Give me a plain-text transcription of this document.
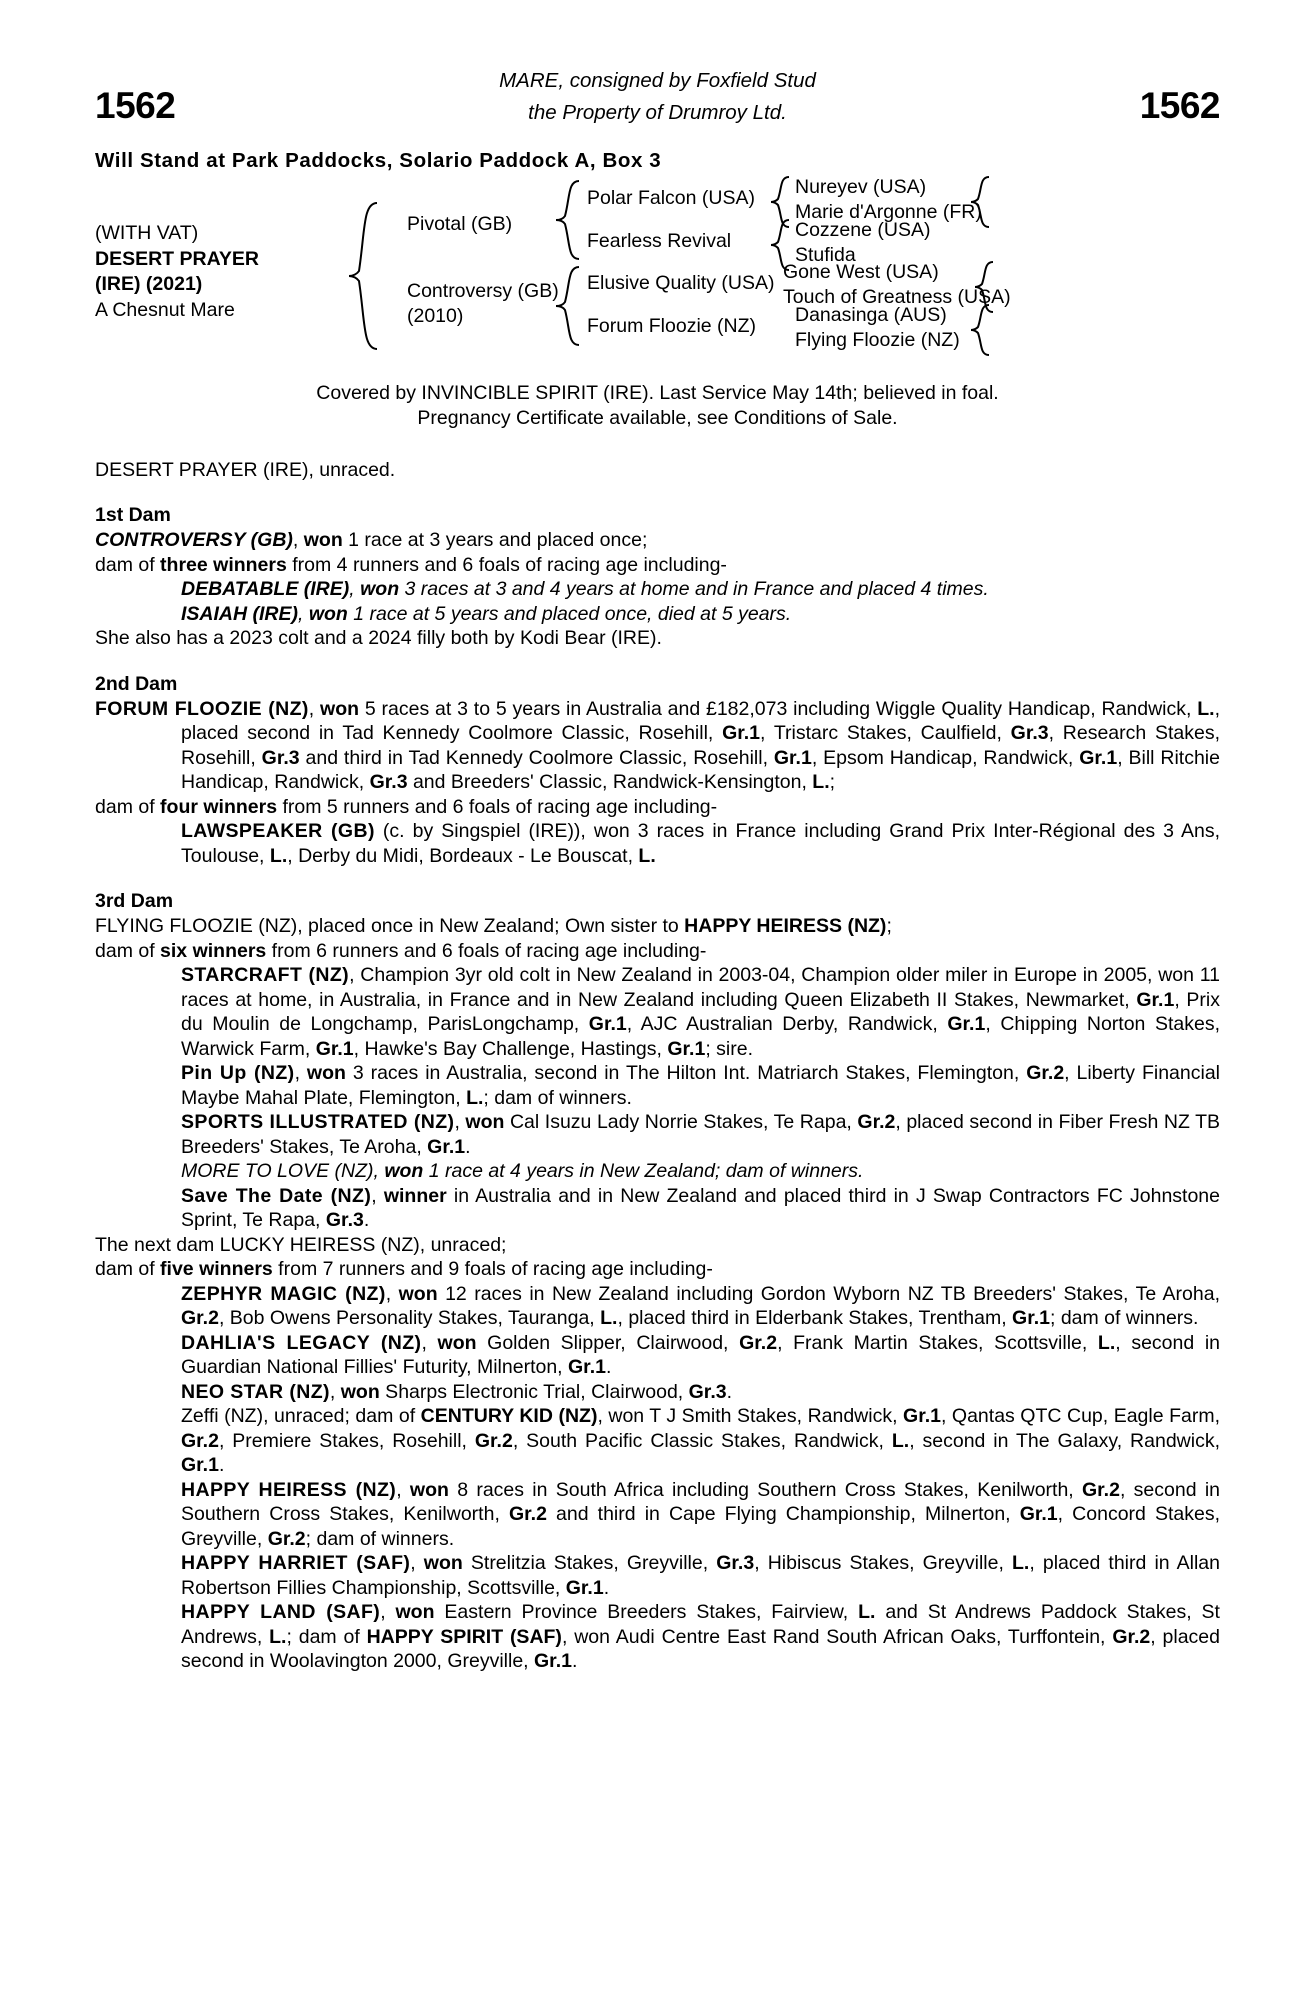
1562	1562
MARE, consigned by Foxfield Stud
the Property of Drumroy Ltd.
Will Stand at Park Paddocks, Solario Paddock A, Box 3
(WITH VAT)
DESERT PRAYER
(IRE) (2021)
A Chesnut Mare
Pivotal (GB)
Controversy (GB)
(2010)
Polar Falcon (USA)
Fearless Revival
Elusive Quality (USA)
Forum Floozie (NZ)
Nureyev (USA)
Marie d'Argonne (FR)
Cozzene (USA)
Stufida
Gone West (USA)
Touch of Greatness (USA)
Danasinga (AUS)
Flying Floozie (NZ)
Covered by INVINCIBLE SPIRIT (IRE). Last Service May 14th; believed in foal.
Pregnancy Certificate available, see Conditions of Sale.
DESERT PRAYER (IRE), unraced.
1st Dam

CONTROVERSY (GB), won 1 race at 3 years and placed once;

dam of three winners from 4 runners and 6 foals of racing age including-

DEBATABLE (IRE), won 3 races at 3 and 4 years at home and in France and placed 4 times.

ISAIAH (IRE), won 1 race at 5 years and placed once, died at 5 years.

She also has a 2023 colt and a 2024 filly both by Kodi Bear (IRE).

2nd Dam

FORUM FLOOZIE (NZ), won 5 races at 3 to 5 years in Australia and £182,073 including Wiggle Quality Handicap, Randwick, L., placed second in Tad Kennedy Coolmore Classic, Rosehill, Gr.1, Tristarc Stakes, Caulfield, Gr.3, Research Stakes, Rosehill, Gr.3 and third in Tad Kennedy Coolmore Classic, Rosehill, Gr.1, Epsom Handicap, Randwick, Gr.1, Bill Ritchie Handicap, Randwick, Gr.3 and Breeders' Classic, Randwick-Kensington, L.;

dam of four winners from 5 runners and 6 foals of racing age including-

LAWSPEAKER (GB) (c. by Singspiel (IRE)), won 3 races in France including Grand Prix Inter-Régional des 3 Ans, Toulouse, L., Derby du Midi, Bordeaux - Le Bouscat, L.

3rd Dam

FLYING FLOOZIE (NZ), placed once in New Zealand; Own sister to HAPPY HEIRESS (NZ);

dam of six winners from 6 runners and 6 foals of racing age including-

STARCRAFT (NZ), Champion 3yr old colt in New Zealand in 2003-04, Champion older miler in Europe in 2005, won 11 races at home, in Australia, in France and in New Zealand including Queen Elizabeth II Stakes, Newmarket, Gr.1, Prix du Moulin de Longchamp, ParisLongchamp, Gr.1, AJC Australian Derby, Randwick, Gr.1, Chipping Norton Stakes, Warwick Farm, Gr.1, Hawke's Bay Challenge, Hastings, Gr.1; sire.

Pin Up (NZ), won 3 races in Australia, second in The Hilton Int. Matriarch Stakes, Flemington, Gr.2, Liberty Financial Maybe Mahal Plate, Flemington, L.; dam of winners.

SPORTS ILLUSTRATED (NZ), won Cal Isuzu Lady Norrie Stakes, Te Rapa, Gr.2, placed second in Fiber Fresh NZ TB Breeders' Stakes, Te Aroha, Gr.1.

MORE TO LOVE (NZ), won 1 race at 4 years in New Zealand; dam of winners.

Save The Date (NZ), winner in Australia and in New Zealand and placed third in J Swap Contractors FC Johnstone Sprint, Te Rapa, Gr.3.

The next dam LUCKY HEIRESS (NZ), unraced;

dam of five winners from 7 runners and 9 foals of racing age including-

ZEPHYR MAGIC (NZ), won 12 races in New Zealand including Gordon Wyborn NZ TB Breeders' Stakes, Te Aroha, Gr.2, Bob Owens Personality Stakes, Tauranga, L., placed third in Elderbank Stakes, Trentham, Gr.1; dam of winners.

DAHLIA'S LEGACY (NZ), won Golden Slipper, Clairwood, Gr.2, Frank Martin Stakes, Scottsville, L., second in Guardian National Fillies' Futurity, Milnerton, Gr.1.

NEO STAR (NZ), won Sharps Electronic Trial, Clairwood, Gr.3.

Zeffi (NZ), unraced; dam of CENTURY KID (NZ), won T J Smith Stakes, Randwick, Gr.1, Qantas QTC Cup, Eagle Farm, Gr.2, Premiere Stakes, Rosehill, Gr.2, South Pacific Classic Stakes, Randwick, L., second in The Galaxy, Randwick, Gr.1.

HAPPY HEIRESS (NZ), won 8 races in South Africa including Southern Cross Stakes, Kenilworth, Gr.2, second in Southern Cross Stakes, Kenilworth, Gr.2 and third in Cape Flying Championship, Milnerton, Gr.1, Concord Stakes, Greyville, Gr.2; dam of winners.

HAPPY HARRIET (SAF), won Strelitzia Stakes, Greyville, Gr.3, Hibiscus Stakes, Greyville, L., placed third in Allan Robertson Fillies Championship, Scottsville, Gr.1.

HAPPY LAND (SAF), won Eastern Province Breeders Stakes, Fairview, L. and St Andrews Paddock Stakes, St Andrews, L.; dam of HAPPY SPIRIT (SAF), won Audi Centre East Rand South African Oaks, Turffontein, Gr.2, placed second in Woolavington 2000, Greyville, Gr.1.
